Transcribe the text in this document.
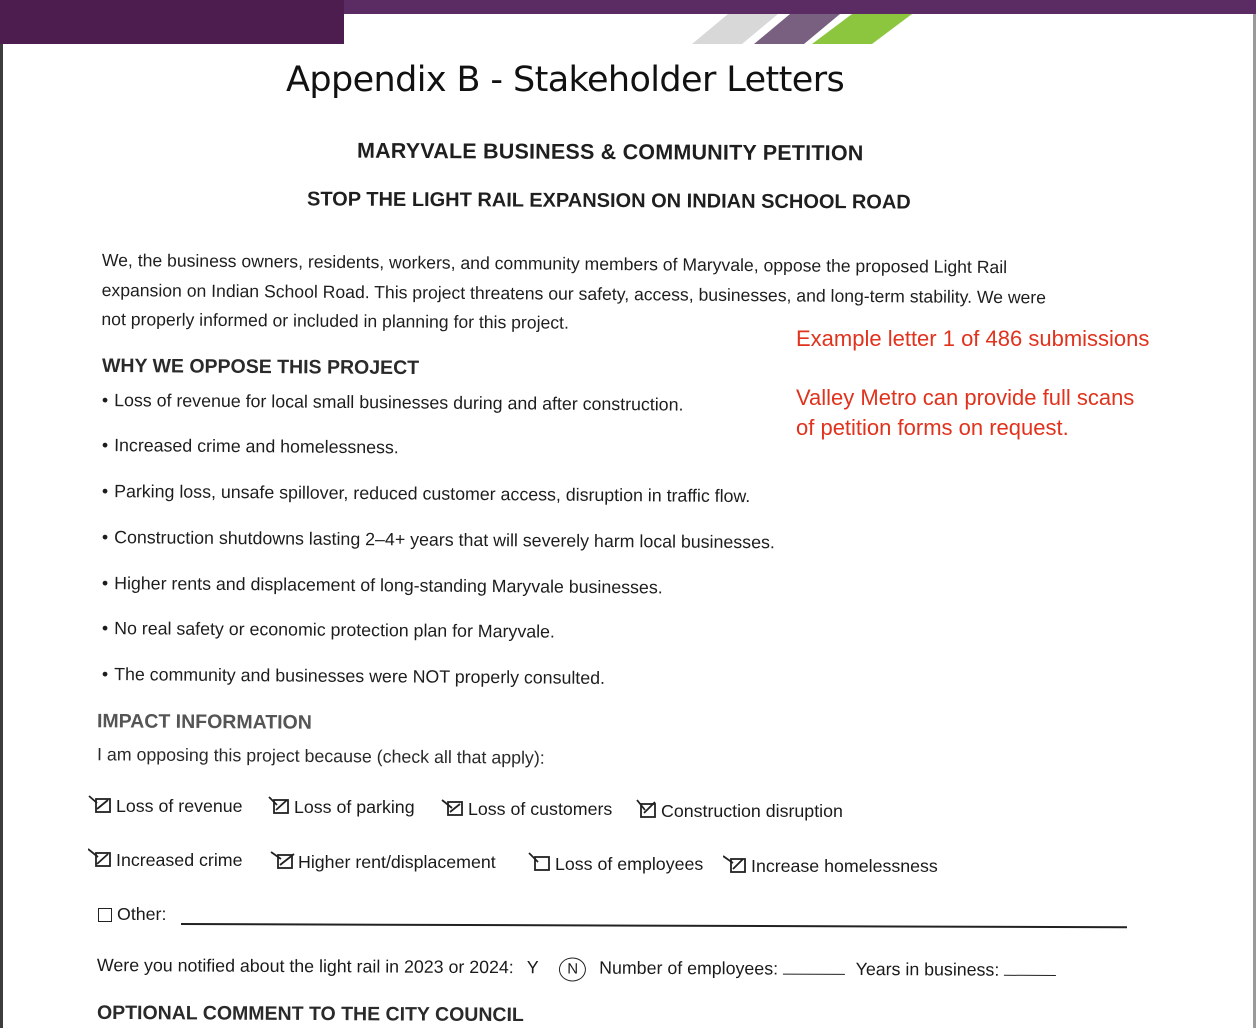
Appendix B - Stakeholder Letters
MARYVALE BUSINESS & COMMUNITY PETITION
STOP THE LIGHT RAIL EXPANSION ON INDIAN SCHOOL ROAD
We, the business owners, residents, workers, and community members of Maryvale, oppose the proposed Light Rail
expansion on Indian School Road. This project threatens our safety, access, businesses, and long-term stability. We were
not properly informed or included in planning for this project.
WHY WE OPPOSE THIS PROJECT
• Loss of revenue for local small businesses during and after construction.
• Increased crime and homelessness.
• Parking loss, unsafe spillover, reduced customer access, disruption in traffic flow.
• Construction shutdowns lasting 2–4+ years that will severely harm local businesses.
• Higher rents and displacement of long-standing Maryvale businesses.
• No real safety or economic protection plan for Maryvale.
• The community and businesses were NOT properly consulted.
IMPACT INFORMATION
I am opposing this project because (check all that apply):
Loss of revenue	Loss of parking	Loss of customers	Construction disruption
Increased crime	Higher rent/displacement	Loss of employees	Increase homelessness
Other:
Were you notified about the light rail in 2023 or 2024: Y N Number of employees:	Years in business:
OPTIONAL COMMENT TO THE CITY COUNCIL
Example letter 1 of 486 submissions
Valley Metro can provide full scans
of petition forms on request.
